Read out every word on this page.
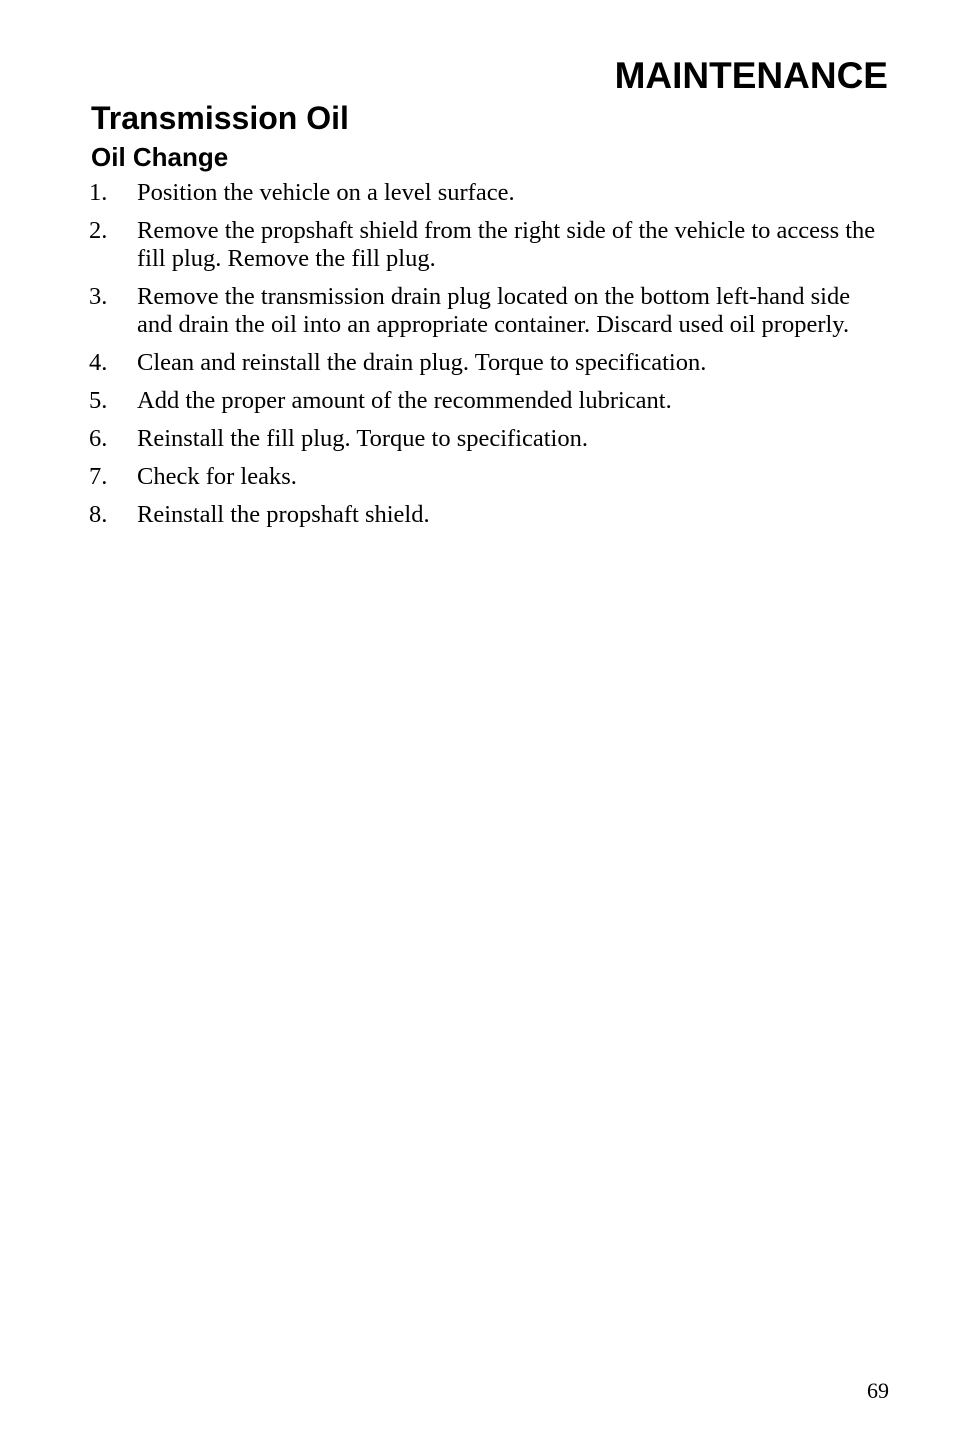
MAINTENANCE
Transmission Oil
Oil Change
1.	Position the vehicle on a level surface.
2.	Remove the propshaft shield from the right side of the vehicle to access the fill plug. Remove the fill plug.
3.	Remove the transmission drain plug located on the bottom left-hand side and drain the oil into an appropriate container. Discard used oil properly.
4.	Clean and reinstall the drain plug. Torque to specification.
5.	Add the proper amount of the recommended lubricant.
6.	Reinstall the fill plug. Torque to specification.
7.	Check for leaks.
8.	Reinstall the propshaft shield.

69
